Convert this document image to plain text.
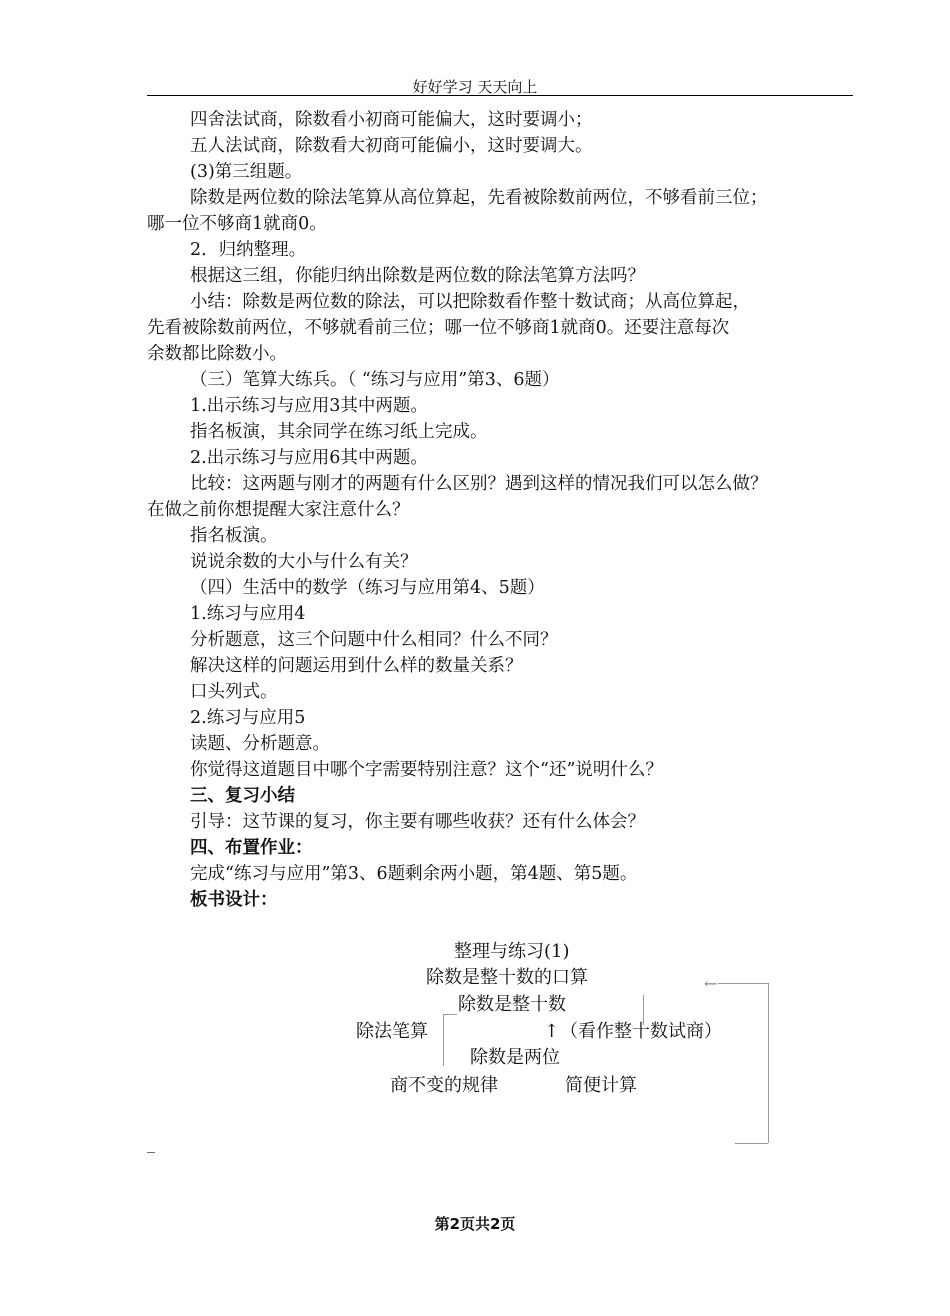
好好学习 天天向上
四舍法试商，除数看小初商可能偏大，这时要调小；
五人法试商，除数看大初商可能偏小，这时要调大。
(3)第三组题。
除数是两位数的除法笔算从高位算起，先看被除数前两位，不够看前三位；
哪一位不够商1就商0。
2．归纳整理。
根据这三组，你能归纳出除数是两位数的除法笔算方法吗？
小结：除数是两位数的除法，可以把除数看作整十数试商；从高位算起，
先看被除数前两位，不够就看前三位；哪一位不够商1就商0。还要注意每次
余数都比除数小。
（三）笔算大练兵。（ “练习与应用”第3、6题）
1.出示练习与应用3其中两题。
指名板演，其余同学在练习纸上完成。
2.出示练习与应用6其中两题。
比较：这两题与刚才的两题有什么区别？遇到这样的情况我们可以怎么做？
在做之前你想提醒大家注意什么？
指名板演。
说说余数的大小与什么有关？
（四）生活中的数学（练习与应用第4、5题）
1.练习与应用4
分析题意，这三个问题中什么相同？什么不同？
解决这样的问题运用到什么样的数量关系？
口头列式。
2.练习与应用5
读题、分析题意。
你觉得这道题目中哪个字需要特别注意？这个“还”说明什么？
三、复习小结
引导：这节课的复习，你主要有哪些收获？还有什么体会？
四、布置作业：
完成“练习与应用”第3、6题剩余两小题，第4题、第5题。
板书设计：
整理与练习(1)
除数是整十数的口算
除数是整十数
除法笔算	↑ （看作整十数试商）
除数是两位
商不变的规律	简便计算
←
_
第2页共2页
